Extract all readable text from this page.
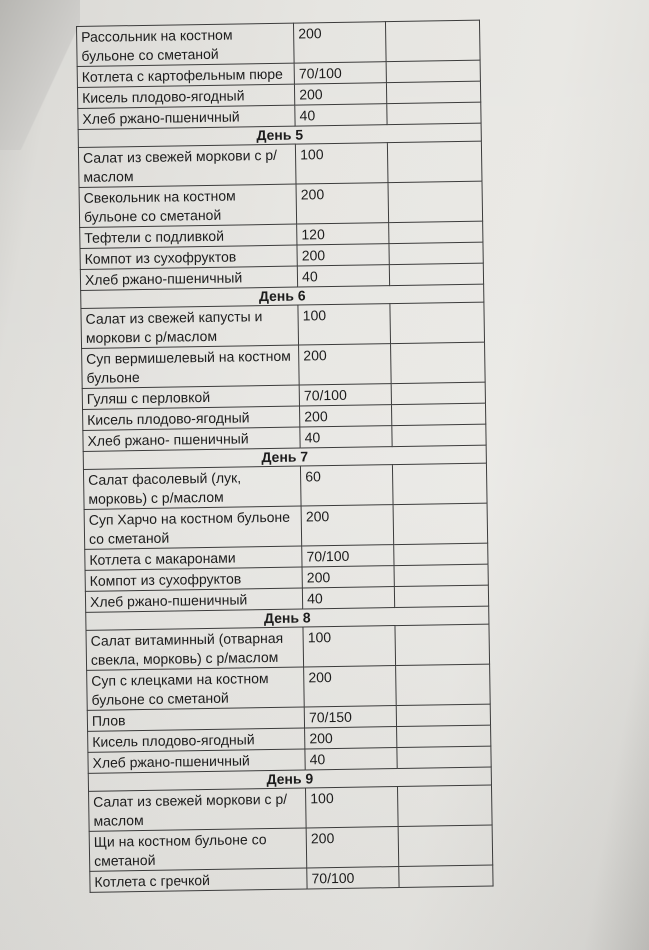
Рассольник на костном бульоне со сметаной	200	
Котлета с картофельным пюре	70/100	
Кисель плодово-ягодный	200	
Хлеб ржано-пшеничный	40	
День 5		
Салат из свежей моркови с р/маслом	100	
Свекольник на костном бульоне со сметаной	200	
Тефтели с подливкой	120	
Компот из сухофруктов	200	
Хлеб ржано-пшеничный	40	
День 6		
Салат из свежей капусты и моркови с р/маслом	100	
Суп вермишелевый на костном бульоне	200	
Гуляш с перловкой	70/100	
Кисель плодово-ягодный	200	
Хлеб ржано- пшеничный	40	
День 7		
Салат фасолевый (лук, морковь) с р/маслом	60	
Суп Харчо на костном бульоне со сметаной	200	
Котлета с макаронами	70/100	
Компот из сухофруктов	200	
Хлеб ржано-пшеничный	40	
День 8		
Салат витаминный (отварная свекла, морковь) с р/маслом	100	
Суп с клецками на костном бульоне со сметаной	200	
Плов	70/150	
Кисель плодово-ягодный	200	
Хлеб ржано-пшеничный	40	
День 9		
Салат из свежей моркови с р/маслом	100	
Щи на костном бульоне со сметаной	200	
Котлета с гречкой	70/100	
